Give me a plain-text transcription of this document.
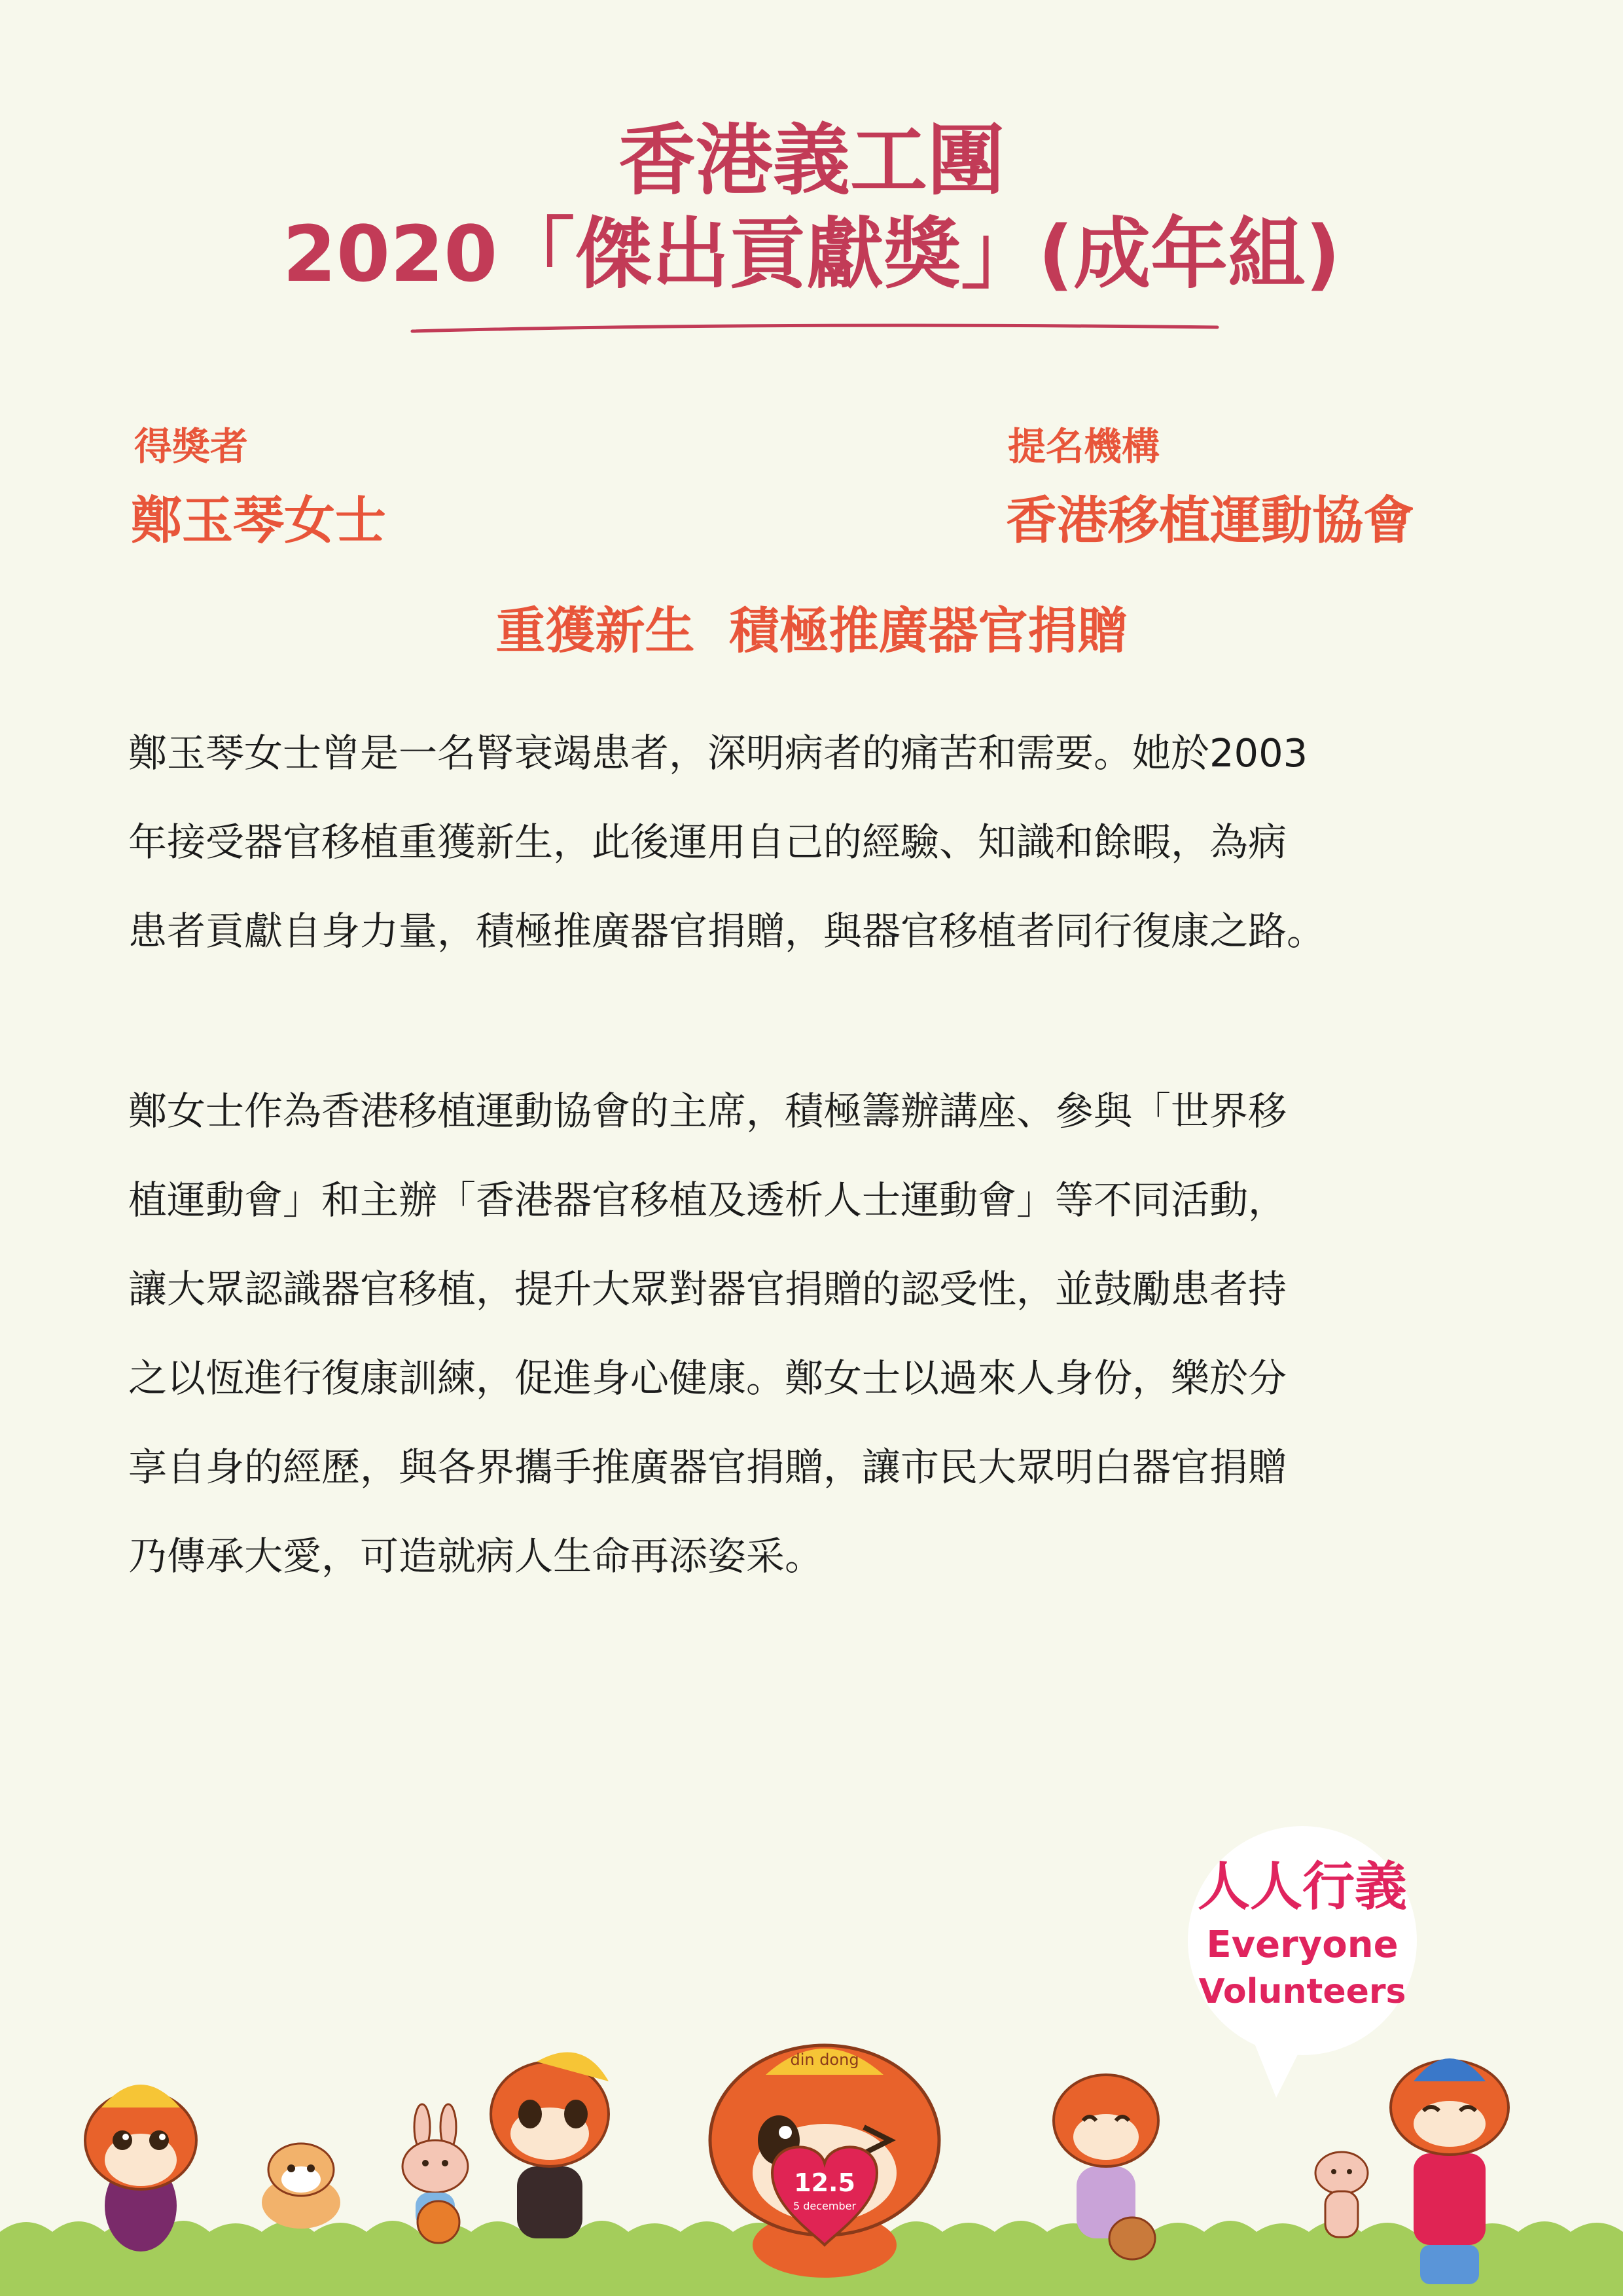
香港義工團
2020「傑出貢獻獎」(成年組)
得獎者
鄭玉琴女士
提名機構
香港移植運動協會
重獲新生  積極推廣器官捐贈
鄭玉琴女士曾是一名腎衰竭患者，深明病者的痛苦和需要。她於2003
年接受器官移植重獲新生，此後運用自己的經驗、知識和餘暇，為病
患者貢獻自身力量，積極推廣器官捐贈，與器官移植者同行復康之路。
鄭女士作為香港移植運動協會的主席，積極籌辦講座、參與「世界移
植運動會」和主辦「香港器官移植及透析人士運動會」等不同活動，
讓大眾認識器官移植，提升大眾對器官捐贈的認受性，並鼓勵患者持
之以恆進行復康訓練，促進身心健康。鄭女士以過來人身份，樂於分
享自身的經歷，與各界攜手推廣器官捐贈，讓市民大眾明白器官捐贈
乃傳承大愛，可造就病人生命再添姿采。
din dong
12.5
5 december
人人行義
Everyone
Volunteers
